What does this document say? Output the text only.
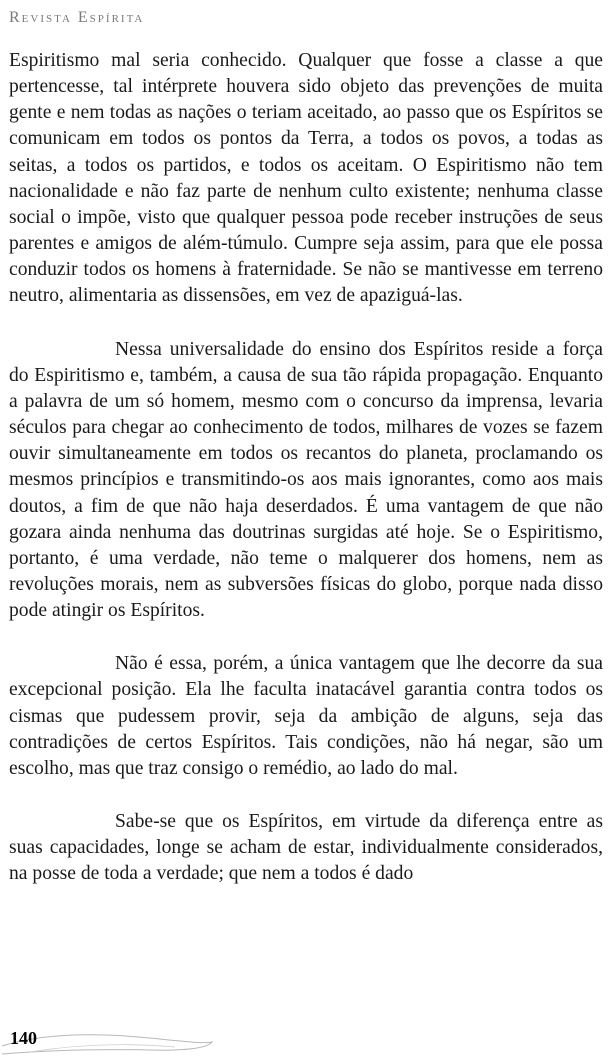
Revista Espírita

Espiritismo mal seria conhecido. Qualquer que fosse a classe a que pertencesse, tal intérprete houvera sido objeto das prevenções de muita gente e nem todas as nações o teriam aceitado, ao passo que os Espíritos se comunicam em todos os pontos da Terra, a todos os povos, a todas as seitas, a todos os partidos, e todos os aceitam. O Espiritismo não tem nacionalidade e não faz parte de nenhum culto existente; nenhuma classe social o impõe, visto que qualquer pessoa pode receber instruções de seus parentes e amigos de além-túmulo. Cumpre seja assim, para que ele possa conduzir todos os homens à fraternidade. Se não se mantivesse em terreno neutro, alimentaria as dissensões, em vez de apaziguá-las.

Nessa universalidade do ensino dos Espíritos reside a força do Espiritismo e, também, a causa de sua tão rápida propagação. Enquanto a palavra de um só homem, mesmo com o concurso da imprensa, levaria séculos para chegar ao conhecimento de todos, milhares de vozes se fazem ouvir simultaneamente em todos os recantos do planeta, proclamando os mesmos princípios e transmitindo-os aos mais ignorantes, como aos mais doutos, a fim de que não haja deserdados. É uma vantagem de que não gozara ainda nenhuma das doutrinas surgidas até hoje. Se o Espiritismo, portanto, é uma verdade, não teme o malquerer dos homens, nem as revoluções morais, nem as subversões físicas do globo, porque nada disso pode atingir os Espíritos.

Não é essa, porém, a única vantagem que lhe decorre da sua excepcional posição. Ela lhe faculta inatacável garantia contra todos os cismas que pudessem provir, seja da ambição de alguns, seja das contradições de certos Espíritos. Tais condições, não há negar, são um escolho, mas que traz consigo o remédio, ao lado do mal.

Sabe-se que os Espíritos, em virtude da diferença entre as suas capacidades, longe se acham de estar, individualmente considerados, na posse de toda a verdade; que nem a todos é dado

140
